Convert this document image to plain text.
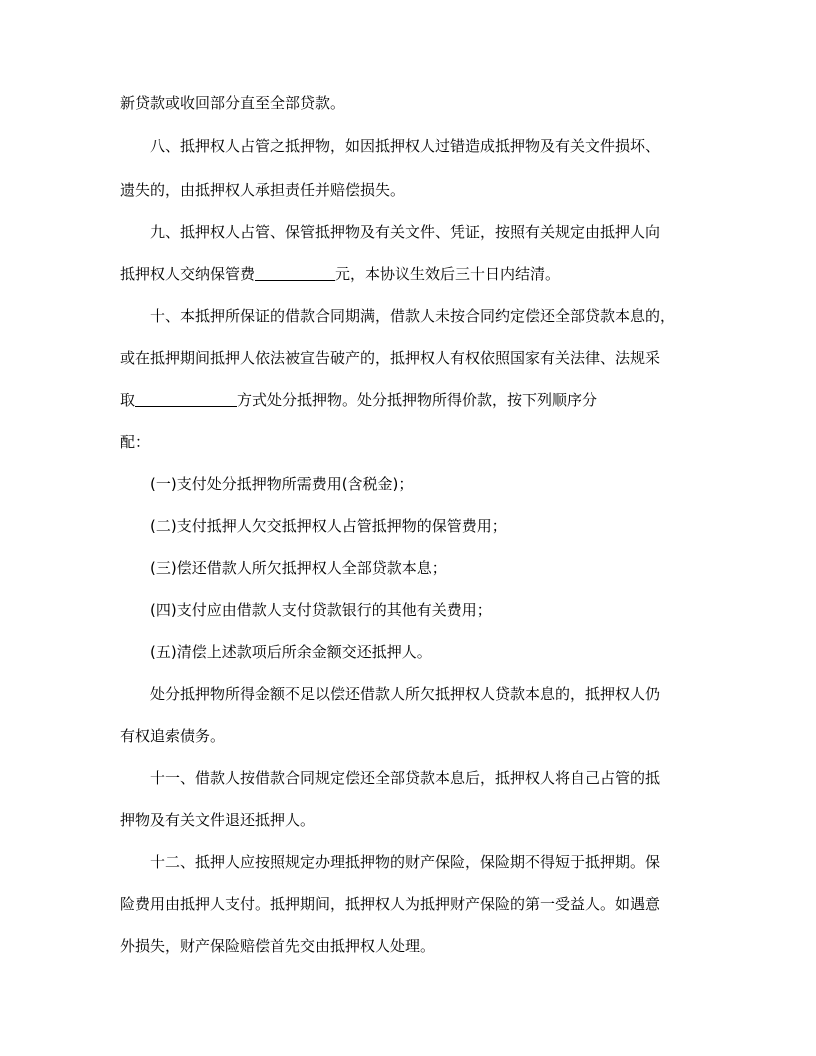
新贷款或收回部分直至全部贷款。
八、抵押权人占管之抵押物，如因抵押权人过错造成抵押物及有关文件损坏、
遗失的，由抵押权人承担责任并赔偿损失。
九、抵押权人占管、保管抵押物及有关文件、凭证，按照有关规定由抵押人向
抵押权人交纳保管费	元，本协议生效后三十日内结清。
十、本抵押所保证的借款合同期满，借款人未按合同约定偿还全部贷款本息的，
或在抵押期间抵押人依法被宣告破产的，抵押权人有权依照国家有关法律、法规采
取	方式处分抵押物。处分抵押物所得价款，按下列顺序分
配：
(一)支付处分抵押物所需费用(含税金)；
(二)支付抵押人欠交抵押权人占管抵押物的保管费用；
(三)偿还借款人所欠抵押权人全部贷款本息；
(四)支付应由借款人支付贷款银行的其他有关费用；
(五)清偿上述款项后所余金额交还抵押人。
处分抵押物所得金额不足以偿还借款人所欠抵押权人贷款本息的，抵押权人仍
有权追索债务。
十一、借款人按借款合同规定偿还全部贷款本息后，抵押权人将自己占管的抵
押物及有关文件退还抵押人。
十二、抵押人应按照规定办理抵押物的财产保险，保险期不得短于抵押期。保
险费用由抵押人支付。抵押期间，抵押权人为抵押财产保险的第一受益人。如遇意
外损失，财产保险赔偿首先交由抵押权人处理。
